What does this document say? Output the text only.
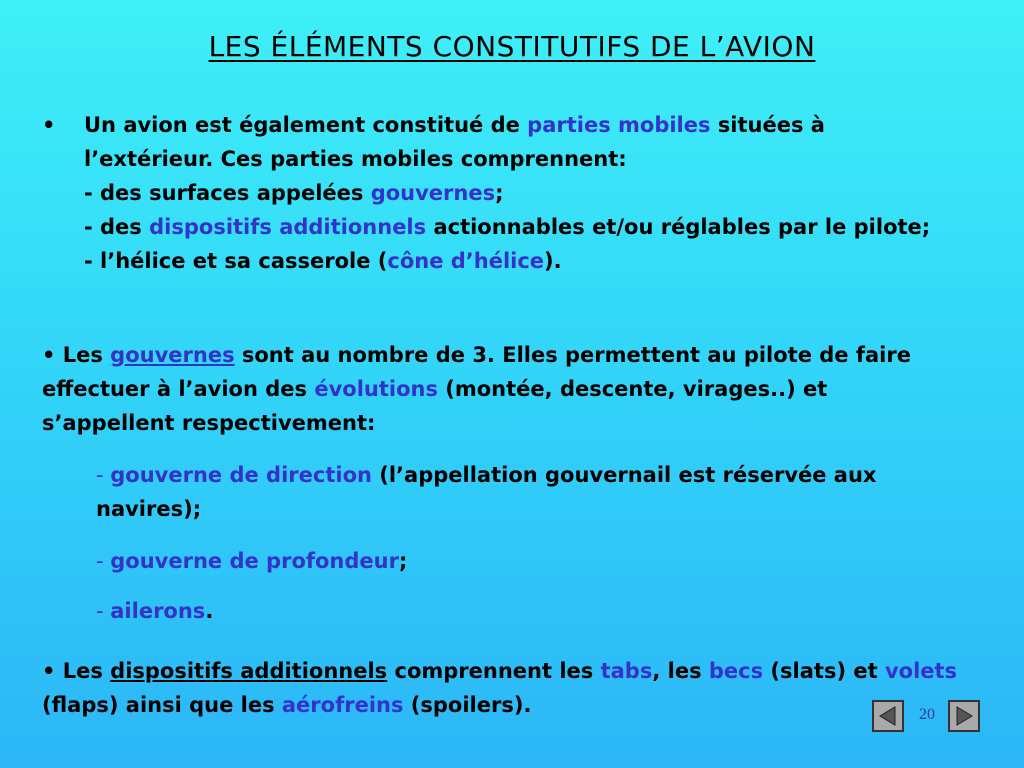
LES ÉLÉMENTS CONSTITUTIFS DE L’AVION
•	Un avion est également constitué de parties mobiles situées à l’extérieur. Ces parties mobiles comprennent:
- des surfaces appelées gouvernes;
- des dispositifs additionnels actionnables et/ou réglables par le pilote;
- l’hélice et sa casserole (cône d’hélice).
• Les gouvernes sont au nombre de 3. Elles permettent au pilote de faire effectuer à l’avion des évolutions (montée, descente, virages..) et s’appellent respectivement:
- gouverne de direction (l’appellation gouvernail est réservée aux navires);
- gouverne de profondeur;
- ailerons.
• Les dispositifs additionnels comprennent les tabs, les becs (slats) et volets (flaps) ainsi que les aérofreins (spoilers).	20
